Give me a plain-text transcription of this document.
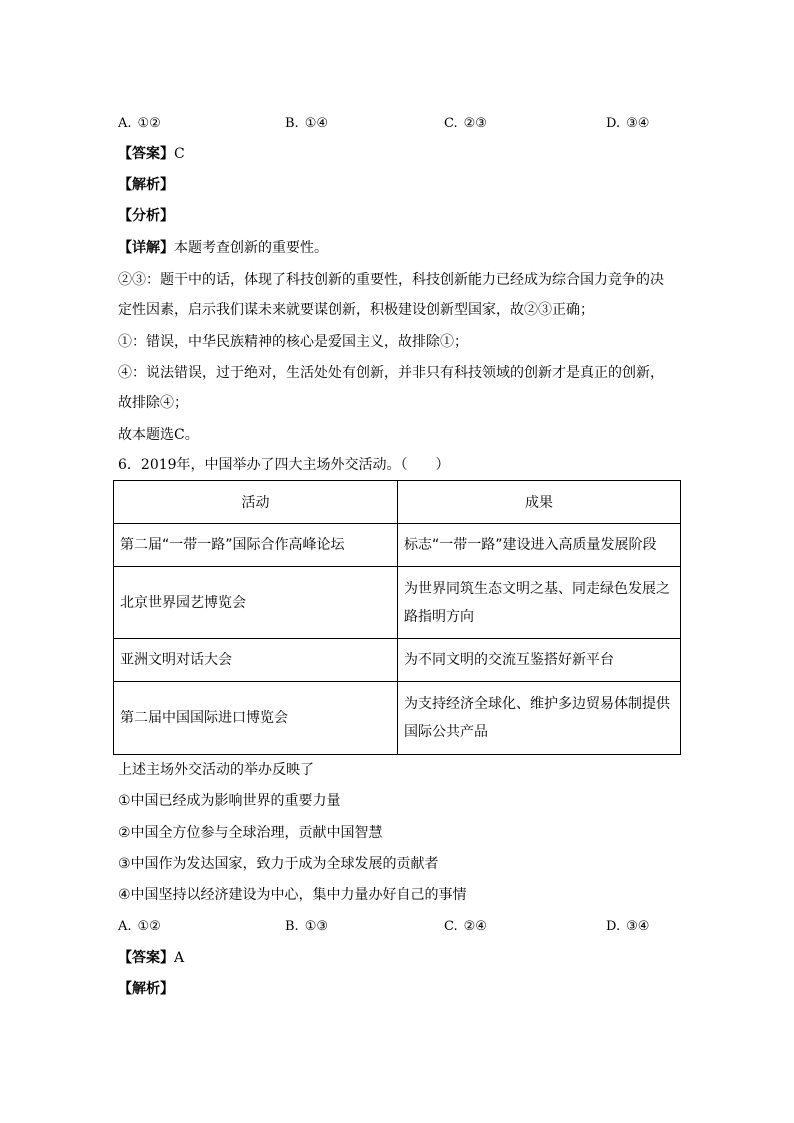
A. ①②	B. ①④	C. ②③	D. ③④
【答案】C
【解析】
【分析】
【详解】本题考查创新的重要性。
②③：题干中的话，体现了科技创新的重要性，科技创新能力已经成为综合国力竞争的决
定性因素，启示我们谋未来就要谋创新，积极建设创新型国家，故②③正确；
①：错误，中华民族精神的核心是爱国主义，故排除①；
④：说法错误，过于绝对，生活处处有创新，并非只有科技领域的创新才是真正的创新，
故排除④；
故本题选C。
6．2019年，中国举办了四大主场外交活动。（　　）
活动	成果
第二届“一带一路”国际合作高峰论坛	标志“一带一路”建设进入高质量发展阶段
北京世界园艺博览会	为世界同筑生态文明之基、同走绿色发展之路指明方向
亚洲文明对话大会	为不同文明的交流互鉴搭好新平台
第二届中国国际进口博览会	为支持经济全球化、维护多边贸易体制提供国际公共产品
上述主场外交活动的举办反映了
①中国已经成为影响世界的重要力量
②中国全方位参与全球治理，贡献中国智慧
③中国作为发达国家，致力于成为全球发展的贡献者
④中国坚持以经济建设为中心，集中力量办好自己的事情
A. ①②	B. ①③	C. ②④	D. ③④
【答案】A
【解析】
